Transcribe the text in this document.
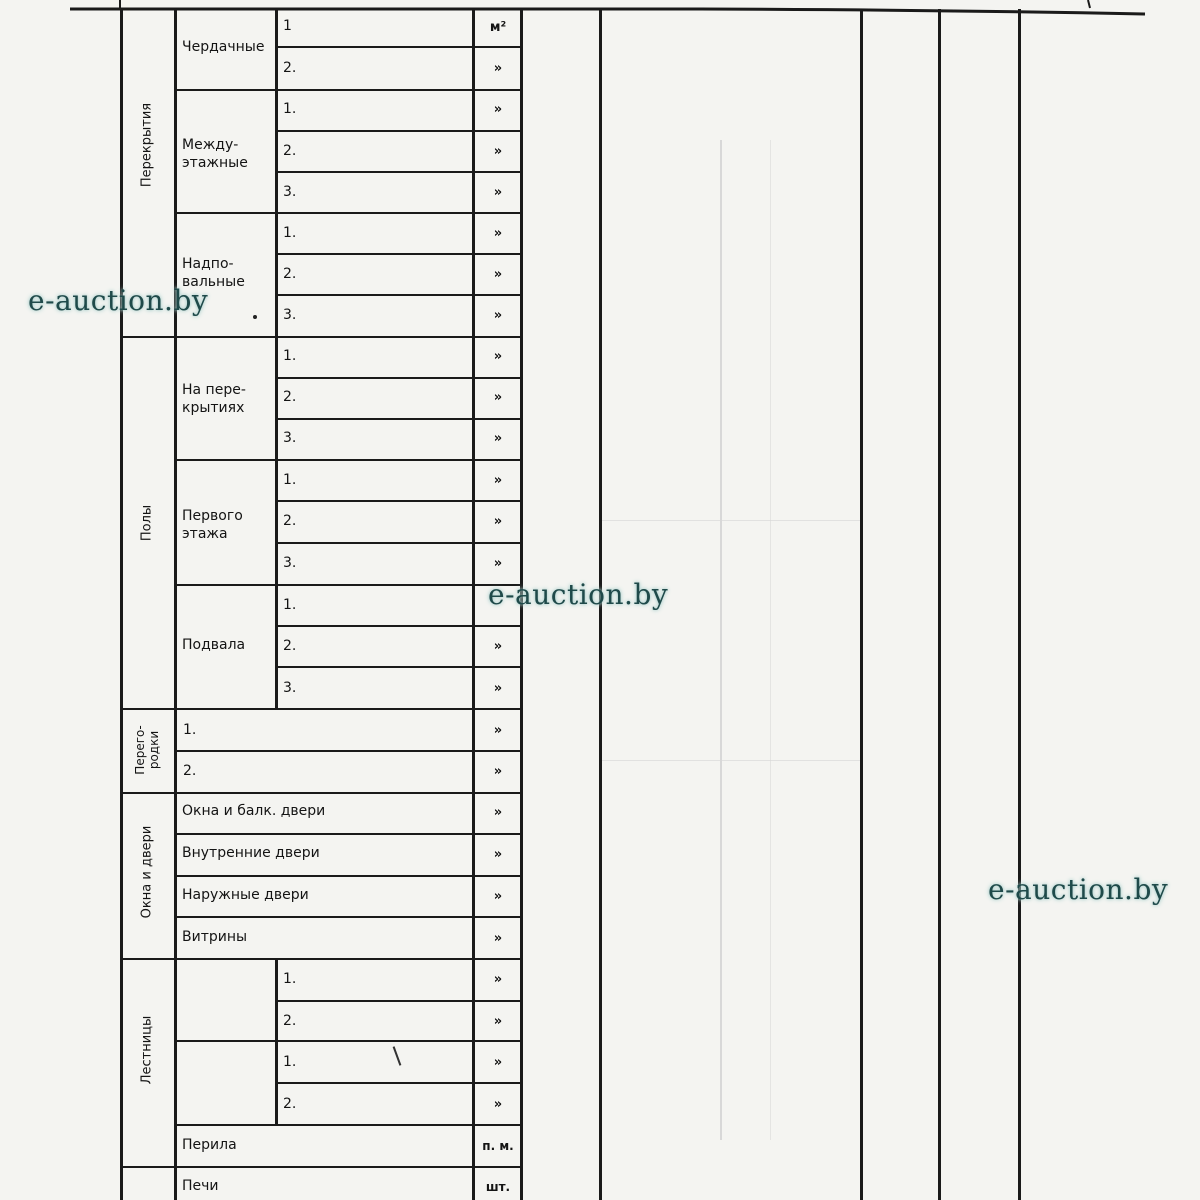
Перекрытия
Полы
Перего-родки
Окна и двери
Лестницы
Чердачные
Между-этажные
Надпо-вальные
На пере-крытиях
Первого этажа
Подвала
1
2.
1.
2.
3.
1.
2.
3.
1.
2.
3.
1.
2.
3.
1.
2.
3.
1.
2.
1.
2.
1.
2.
Окна и балк. двери
Внутренние двери
Наружные двери
Витрины
Перила
Печи
м²
»
»
»
»
»
»
»
»
»
»
»
»
»
»
»
»
»
»
»
»
»
»
»
»
»
п. м.
шт.
e-auction.by
e-auction.by
e-auction.by
